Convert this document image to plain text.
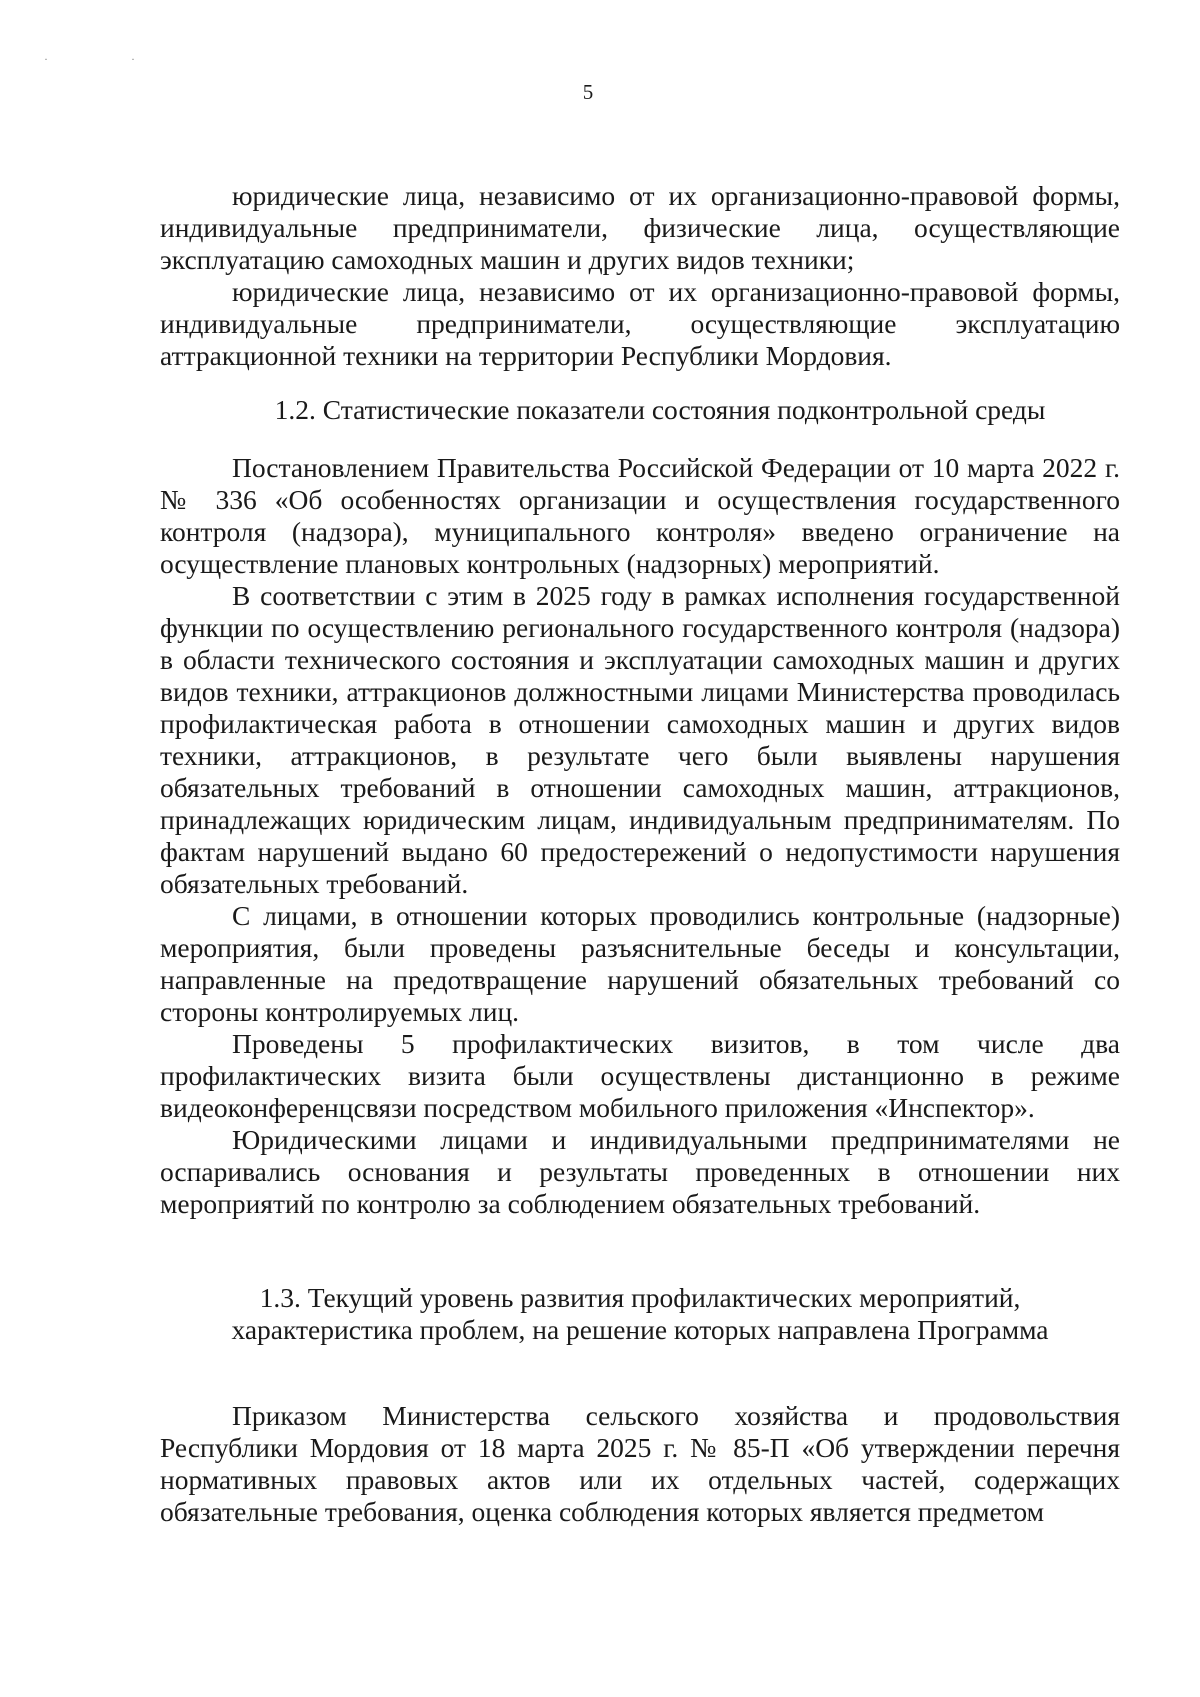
· ·
5

юридические лица, независимо от их организационно-правовой формы, индивидуальные предприниматели, физические лица, осуществляющие эксплуатацию самоходных машин и других видов техники;

юридические лица, независимо от их организационно-правовой формы, индивидуальные предприниматели, осуществляющие эксплуатацию аттракционной техники на территории Республики Мордовия.

1.2. Статистические показатели состояния подконтрольной среды

Постановлением Правительства Российской Федерации от 10 марта 2022 г. № 336 «Об особенностях организации и осуществления государственного контроля (надзора), муниципального контроля» введено ограничение на осуществление плановых контрольных (надзорных) мероприятий.

В соответствии с этим в 2025 году в рамках исполнения государственной функции по осуществлению регионального государственного контроля (надзора) в области технического состояния и эксплуатации самоходных машин и других видов техники, аттракционов должностными лицами Министерства проводилась профилактическая работа в отношении самоходных машин и других видов техники, аттракционов, в результате чего были выявлены нарушения обязательных требований в отношении самоходных машин, аттракционов, принадлежащих юридическим лицам, индивидуальным предпринимателям. По фактам нарушений выдано 60 предостережений о недопустимости нарушения обязательных требований.

С лицами, в отношении которых проводились контрольные (надзорные) мероприятия, были проведены разъяснительные беседы и консультации, направленные на предотвращение нарушений обязательных требований со стороны контролируемых лиц.

Проведены 5 профилактических визитов, в том числе два профилактических визита были осуществлены дистанционно в режиме видеоконференцсвязи посредством мобильного приложения «Инспектор».

Юридическими лицами и индивидуальными предпринимателями не оспаривались основания и результаты проведенных в отношении них мероприятий по контролю за соблюдением обязательных требований.

1.3. Текущий уровень развития профилактических мероприятий,
характеристика проблем, на решение которых направлена Программа

Приказом Министерства сельского хозяйства и продовольствия Республики Мордовия от 18 марта 2025 г. № 85-П «Об утверждении перечня нормативных правовых актов или их отдельных частей, содержащих обязательные требования, оценка соблюдения которых является предметом
